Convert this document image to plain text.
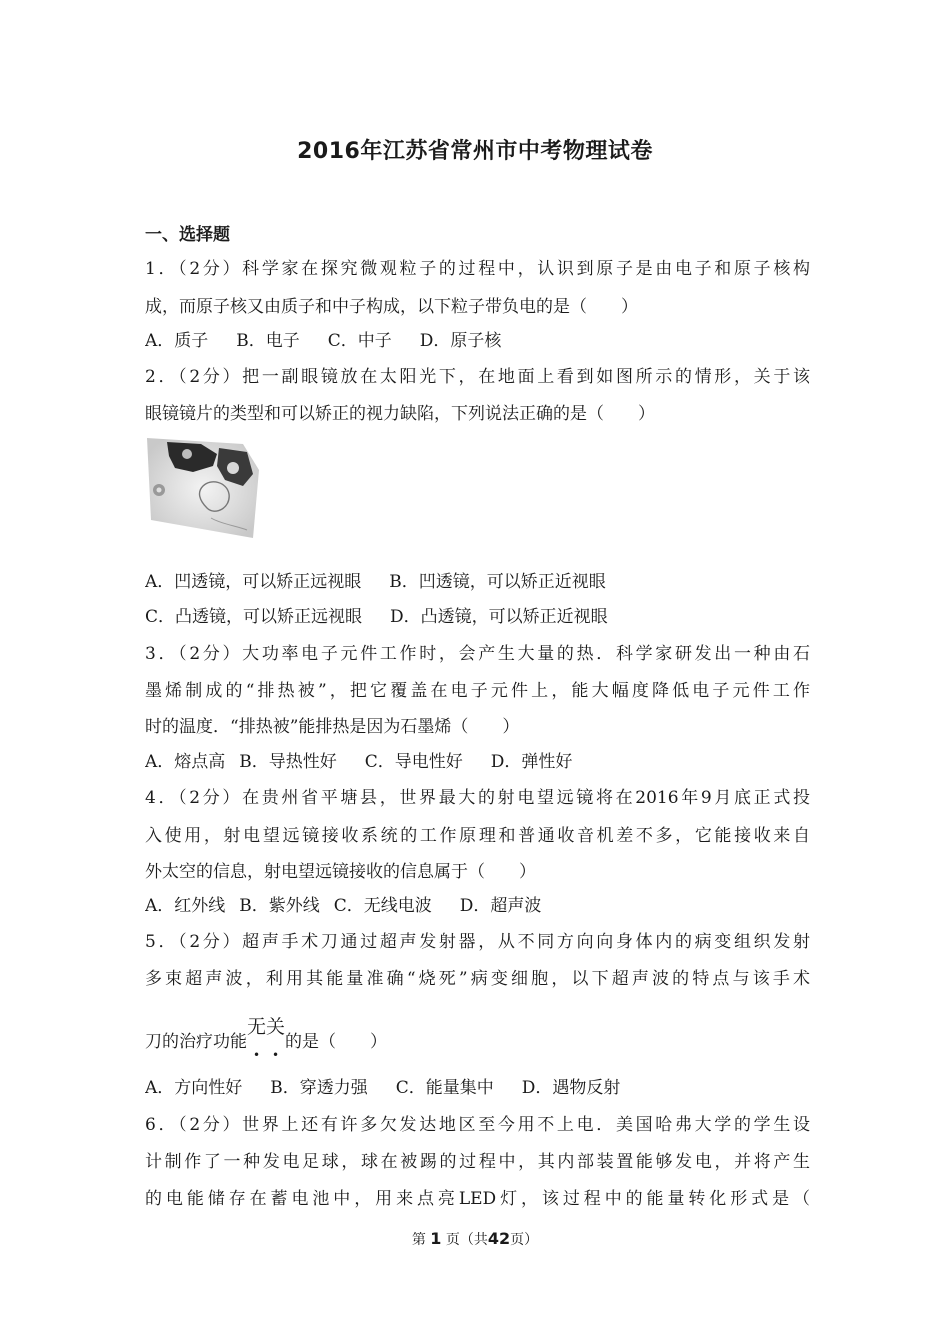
2016年江苏省常州市中考物理试卷
一、选择题
1．（2分）科学家在探究微观粒子的过程中，认识到原子是由电子和原子核构
成，而原子核又由质子和中子构成，以下粒子带负电的是（　　）
A．质子 B．电子 C．中子 D．原子核
2．（2分）把一副眼镜放在太阳光下，在地面上看到如图所示的情形，关于该
眼镜镜片的类型和可以矫正的视力缺陷，下列说法正确的是（　　）
A．凹透镜，可以矫正远视眼 B．凹透镜，可以矫正近视眼
C．凸透镜，可以矫正远视眼 D．凸透镜，可以矫正近视眼
3．（2分）大功率电子元件工作时，会产生大量的热．科学家研发出一种由石
墨烯制成的“排热被”，把它覆盖在电子元件上，能大幅度降低电子元件工作
时的温度．“排热被”能排热是因为石墨烯（　　）
A．熔点高 B．导热性好 C．导电性好 D．弹性好
4．（2分）在贵州省平塘县，世界最大的射电望远镜将在2016年9月底正式投
入使用，射电望远镜接收系统的工作原理和普通收音机差不多，它能接收来自
外太空的信息，射电望远镜接收的信息属于（　　）
A．红外线 B．紫外线 C．无线电波 D．超声波
5．（2分）超声手术刀通过超声发射器，从不同方向向身体内的病变组织发射
多束超声波，利用其能量准确“烧死”病变细胞，以下超声波的特点与该手术
刀的治疗功能无关
• •
的是（　　）
A．方向性好 B．穿透力强 C．能量集中 D．遇物反射
6．（2分）世界上还有许多欠发达地区至今用不上电．美国哈弗大学的学生设
计制作了一种发电足球，球在被踢的过程中，其内部装置能够发电，并将产生
的电能储存在蓄电池中，用来点亮LED灯，该过程中的能量转化形式是（
第 1 页（共42页）
